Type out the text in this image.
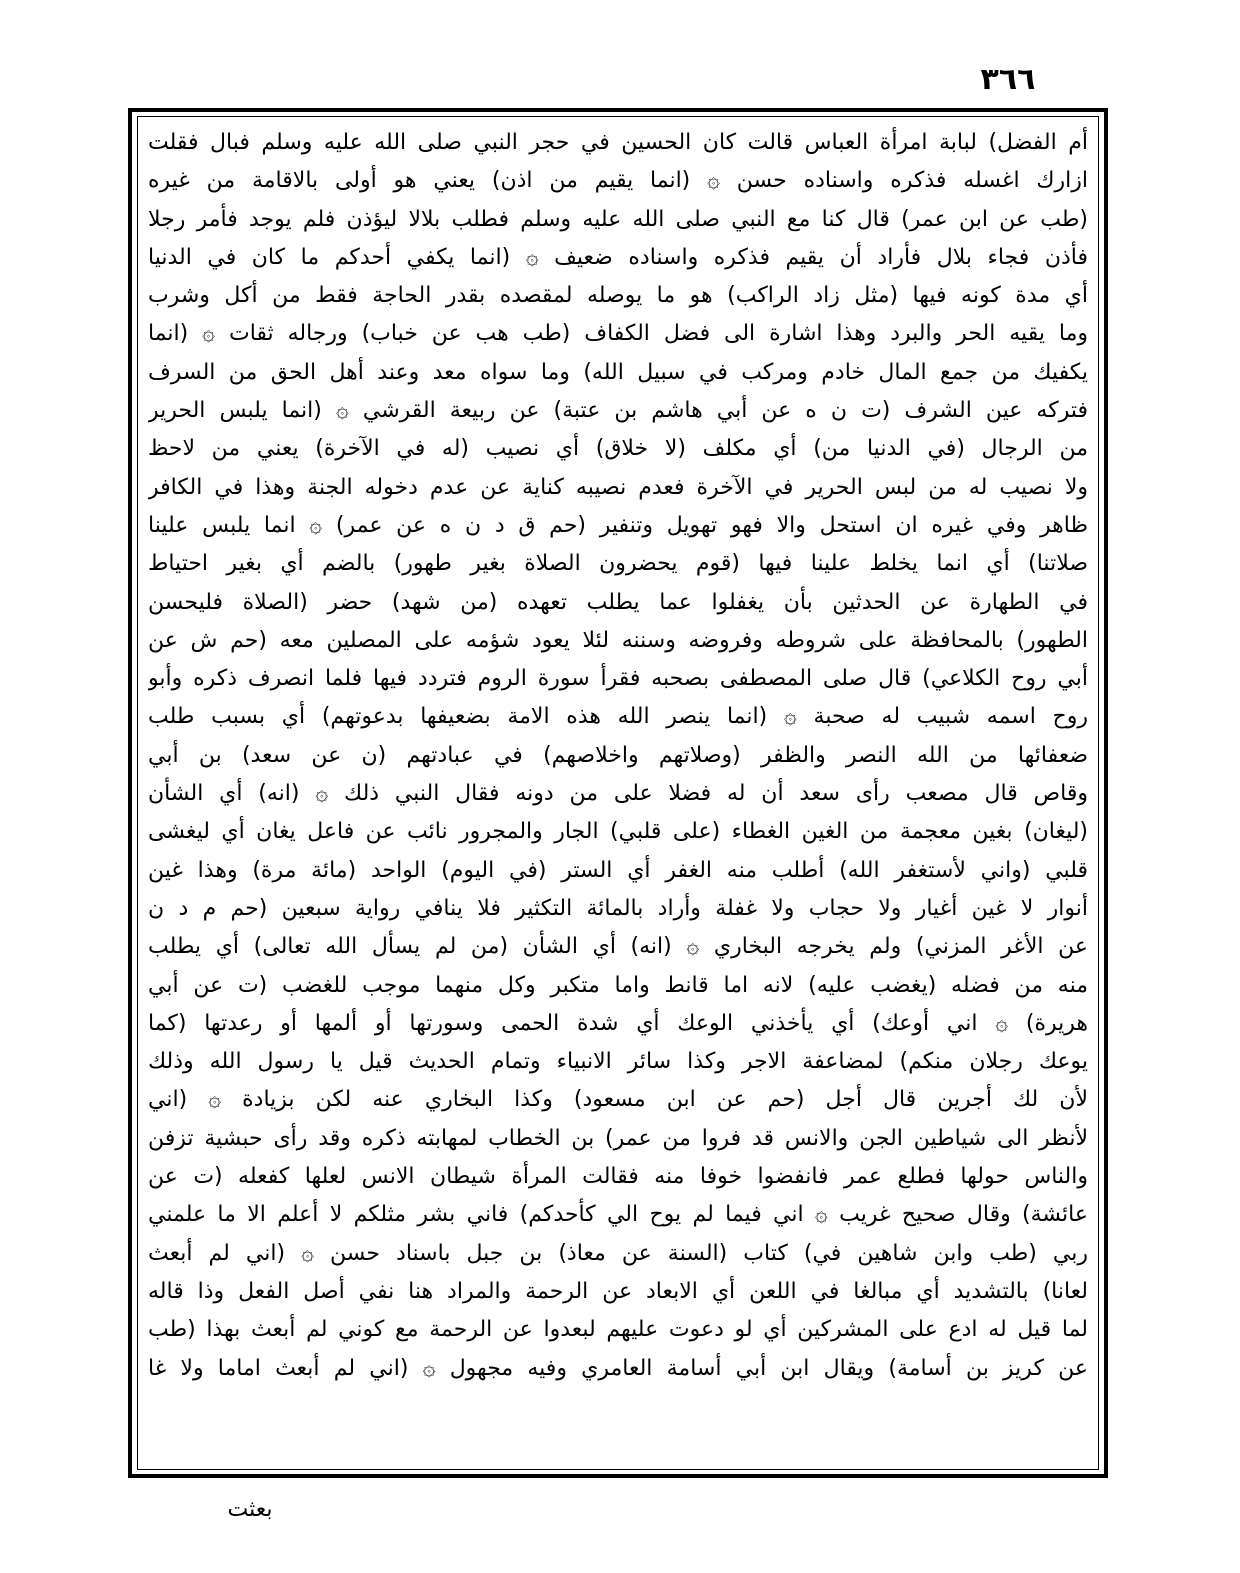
٣٦٦
أم الفضل) لبابة امرأة العباس قالت كان الحسين في حجر النبي صلى الله عليه وسلم فبال فقلت
ازارك اغسله فذكره واسناده حسن ۞ (انما يقيم من اذن) يعني هو أولى بالاقامة من غيره
(طب عن ابن عمر) قال كنا مع النبي صلى الله عليه وسلم فطلب بلالا ليؤذن فلم يوجد فأمر رجلا
فأذن فجاء بلال فأراد أن يقيم فذكره واسناده ضعيف ۞ (انما يكفي أحدكم ما كان في الدنيا
أي مدة كونه فيها (مثل زاد الراكب) هو ما يوصله لمقصده بقدر الحاجة فقط من أكل وشرب
وما يقيه الحر والبرد وهذا اشارة الى فضل الكفاف (طب هب عن خباب) ورجاله ثقات ۞ (انما
يكفيك من جمع المال خادم ومركب في سبيل الله) وما سواه معد وعند أهل الحق من السرف
فتركه عين الشرف (ت ن ه عن أبي هاشم بن عتبة) عن ربيعة القرشي ۞ (انما يلبس الحرير
من الرجال (في الدنيا من) أي مكلف (لا خلاق) أي نصيب (له في الآخرة) يعني من لاحظ
ولا نصيب له من لبس الحرير في الآخرة فعدم نصيبه كناية عن عدم دخوله الجنة وهذا في الكافر
ظاهر وفي غيره ان استحل والا فهو تهويل وتنفير (حم ق د ن ه عن عمر) ۞ انما يلبس علينا
صلاتنا) أي انما يخلط علينا فيها (قوم يحضرون الصلاة بغير طهور) بالضم أي بغير احتياط
في الطهارة عن الحدثين بأن يغفلوا عما يطلب تعهده (من شهد) حضر (الصلاة فليحسن
الطهور) بالمحافظة على شروطه وفروضه وسننه لئلا يعود شؤمه على المصلين معه (حم ش عن
أبي روح الكلاعي) قال صلى المصطفى بصحبه فقرأ سورة الروم فتردد فيها فلما انصرف ذكره وأبو
روح اسمه شبيب له صحبة ۞ (انما ينصر الله هذه الامة بضعيفها بدعوتهم) أي بسبب طلب
ضعفائها من الله النصر والظفر (وصلاتهم واخلاصهم) في عبادتهم (ن عن سعد) بن أبي
وقاص قال مصعب رأى سعد أن له فضلا على من دونه فقال النبي ذلك ۞ (انه) أي الشأن
(ليغان) بغين معجمة من الغين الغطاء (على قلبي) الجار والمجرور نائب عن فاعل يغان أي ليغشى
قلبي (واني لأستغفر الله) أطلب منه الغفر أي الستر (في اليوم) الواحد (مائة مرة) وهذا غين
أنوار لا غين أغيار ولا حجاب ولا غفلة وأراد بالمائة التكثير فلا ينافي رواية سبعين (حم م د ن
عن الأغر المزني) ولم يخرجه البخاري ۞ (انه) أي الشأن (من لم يسأل الله تعالى) أي يطلب
منه من فضله (يغضب عليه) لانه اما قانط واما متكبر وكل منهما موجب للغضب (ت عن أبي
هريرة) ۞ اني أوعك) أي يأخذني الوعك أي شدة الحمى وسورتها أو ألمها أو رعدتها (كما
يوعك رجلان منكم) لمضاعفة الاجر وكذا سائر الانبياء وتمام الحديث قيل يا رسول الله وذلك
لأن لك أجرين قال أجل (حم عن ابن مسعود) وكذا البخاري عنه لكن بزيادة ۞ (اني
لأنظر الى شياطين الجن والانس قد فروا من عمر) بن الخطاب لمهابته ذكره وقد رأى حبشية تزفن
والناس حولها فطلع عمر فانفضوا خوفا منه فقالت المرأة شيطان الانس لعلها كفعله (ت عن
عائشة) وقال صحيح غريب ۞ اني فيما لم يوح الي كأحدكم) فاني بشر مثلكم لا أعلم الا ما علمني
ربي (طب وابن شاهين في) كتاب (السنة عن معاذ) بن جبل باسناد حسن ۞ (اني لم أبعث
لعانا) بالتشديد أي مبالغا في اللعن أي الابعاد عن الرحمة والمراد هنا نفي أصل الفعل وذا قاله
لما قيل له ادع على المشركين أي لو دعوت عليهم لبعدوا عن الرحمة مع كوني لم أبعث بهذا (طب
عن كريز بن أسامة) ويقال ابن أبي أسامة العامري وفيه مجهول ۞ (اني لم أبعث اماما ولا غا
بعثت
